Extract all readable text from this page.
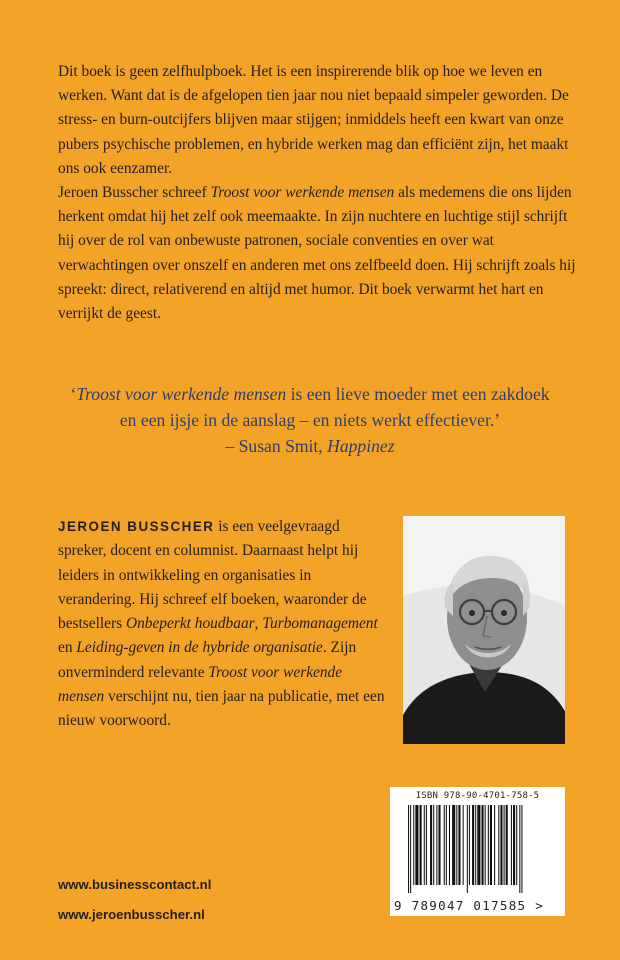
Dit boek is geen zelfhulpboek. Het is een inspirerende blik op hoe we leven en werken. Want dat is de afgelopen tien jaar nou niet bepaald simpeler geworden. De stress- en burn-outcijfers blijven maar stijgen; inmiddels heeft een kwart van onze pubers psychische problemen, en hybride werken mag dan efficiënt zijn, het maakt ons ook eenzamer.

Jeroen Busscher schreef Troost voor werkende mensen als medemens die ons lijden herkent omdat hij het zelf ook meemaakte. In zijn nuchtere en luchtige stijl schrijft hij over de rol van onbewuste patronen, sociale conventies en over wat verwachtingen over onszelf en anderen met ons zelfbeeld doen. Hij schrijft zoals hij spreekt: direct, relativerend en altijd met humor. Dit boek verwarmt het hart en verrijkt de geest.

‘Troost voor werkende mensen is een lieve moeder met een zakdoek

en een ijsje in de aanslag – en niets werkt effectiever.’

– Susan Smit, Happinez

JEROEN BUSSCHER is een veelgevraagd spreker, docent en columnist. Daarnaast helpt hij leiders in ontwikkeling en organisaties in verandering. Hij schreef elf boeken, waaronder de bestsellers Onbeperkt houdbaar, Turbomanagement en Leiding-geven in de hybride organisatie. Zijn onverminderd relevante Troost voor werkende mensen verschijnt nu, tien jaar na publicatie, met een nieuw voorwoord.

ISBN 978-90-4701-758-5
9 789047 017585 >
www.businesscontact.nl
www.jeroenbusscher.nl
